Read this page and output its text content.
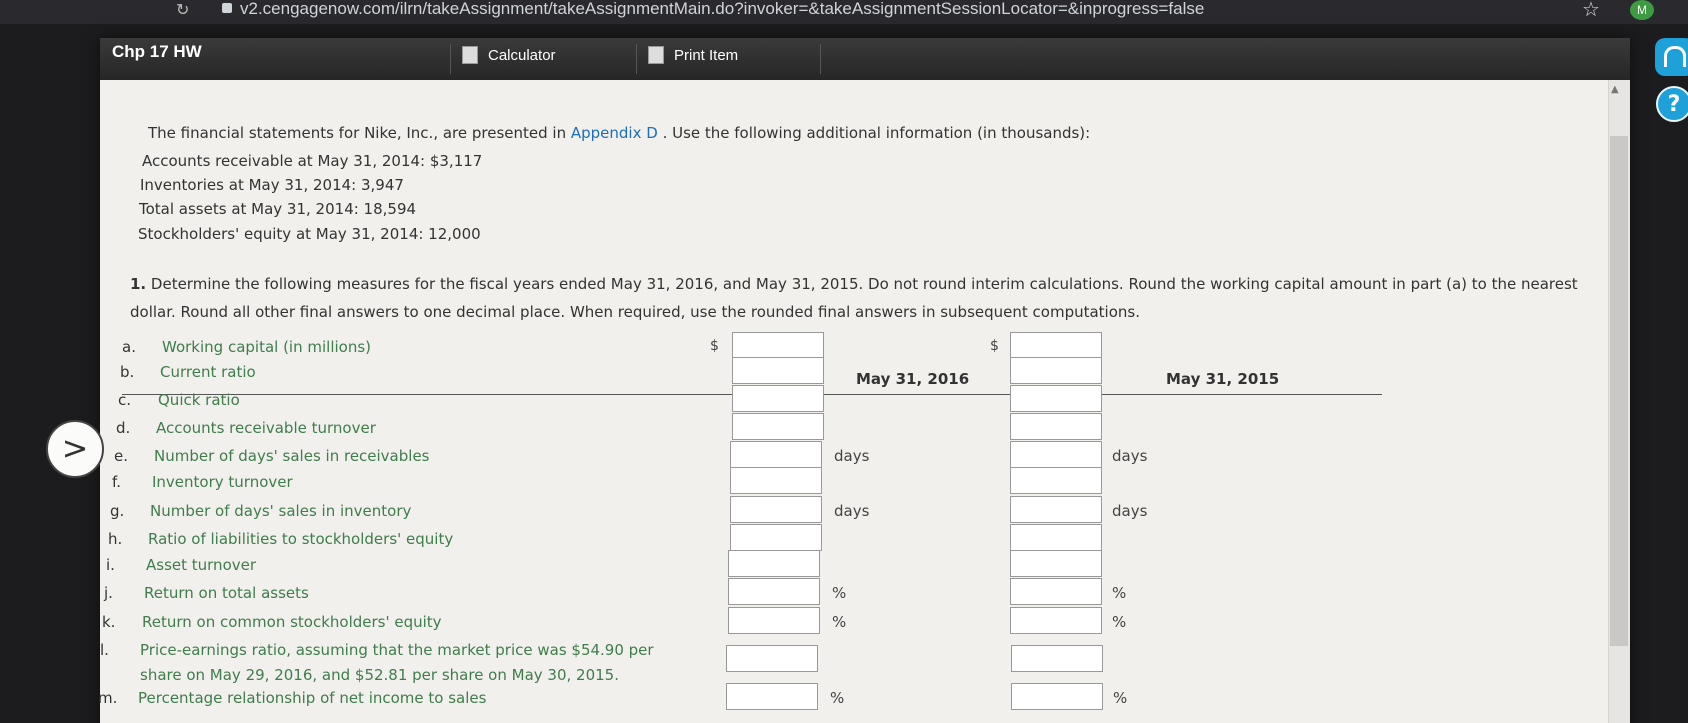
↻	v2.cengagenow.com/ilrn/takeAssignment/takeAssignmentMain.do?invoker=&takeAssignmentSessionLocator=&inprogress=false	☆	M
?
Chp 17 HW	Calculator	Print Item
▲
The financial statements for Nike, Inc., are presented in Appendix D . Use the following additional information (in thousands):
Accounts receivable at May 31, 2014: $3,117
Inventories at May 31, 2014: 3,947
Total assets at May 31, 2014: 18,594
Stockholders' equity at May 31, 2014: 12,000
1. Determine the following measures for the fiscal years ended May 31, 2016, and May 31, 2015. Do not round interim calculations. Round the working capital amount in part (a) to the nearest dollar. Round all other final answers to one decimal place. When required, use the rounded final answers in subsequent computations.
May 31, 2016	May 31, 2015
a. Working capital (in millions)	$	$
b. Current ratio
c. Quick ratio
d. Accounts receivable turnover
e. Number of days' sales in receivables	days	days
f. Inventory turnover
g. Number of days' sales in inventory	days	days
h. Ratio of liabilities to stockholders' equity
i. Asset turnover
j. Return on total assets	%	%
k. Return on common stockholders' equity	%	%
l. Price-earnings ratio, assuming that the market price was $54.90 per
share on May 29, 2016, and $52.81 per share on May 30, 2015.
m. Percentage relationship of net income to sales	%	%
>
